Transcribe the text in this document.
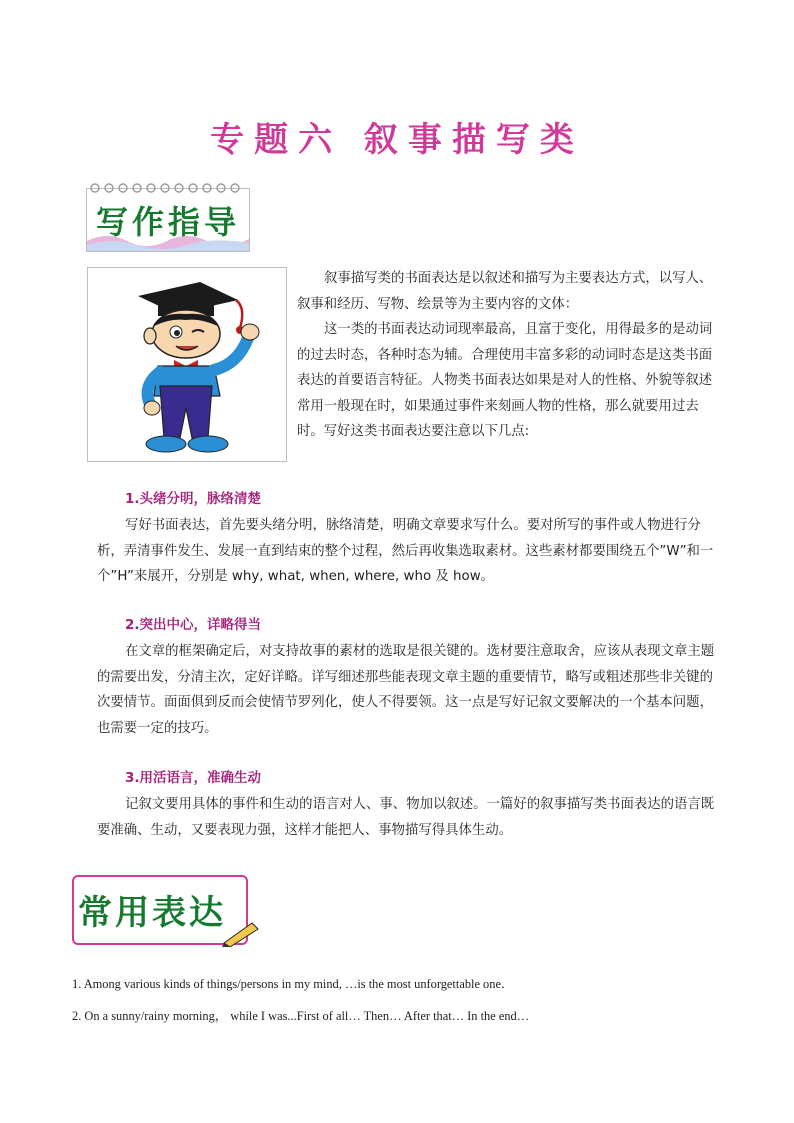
专题六 叙事描写类
写作指导
叙事描写类的书面表达是以叙述和描写为主要表达方式，以写人、叙事和经历、写物、绘景等为主要内容的文体：
这一类的书面表达动词现率最高，且富于变化，用得最多的是动词的过去时态，各种时态为辅。合理使用丰富多彩的动词时态是这类书面表达的首要语言特征。人物类书面表达如果是对人的性格、外貌等叙述常用一般现在时，如果通过事件来刻画人物的性格，那么就要用过去时。写好这类书面表达要注意以下几点:
1.头绪分明，脉络清楚
写好书面表达，首先要头绪分明，脉络清楚，明确文章要求写什么。要对所写的事件或人物进行分析，弄清事件发生、发展一直到结束的整个过程，然后再收集选取素材。这些素材都要围绕五个”W”和一个”H”来展开，分别是 why, what, when, where, who 及 how。
2.突出中心，详略得当
在文章的框架确定后，对支持故事的素材的选取是很关键的。选材要注意取舍，应该从表现文章主题的需要出发，分清主次，定好详略。详写细述那些能表现文章主题的重要情节，略写或粗述那些非关键的次要情节。面面俱到反而会使情节罗列化，使人不得要领。这一点是写好记叙文要解决的一个基本问题，也需要一定的技巧。
3.用活语言，准确生动
记叙文要用具体的事件和生动的语言对人、事、物加以叙述。一篇好的叙事描写类书面表达的语言既要准确、生动，又要表现力强，这样才能把人、事物描写得具体生动。
常用表达
1. Among various kinds of things/persons in my mind, …is the most unforgettable one．
2. On a sunny/rainy morning， while I was...First of all… Then… After that… In the end…
